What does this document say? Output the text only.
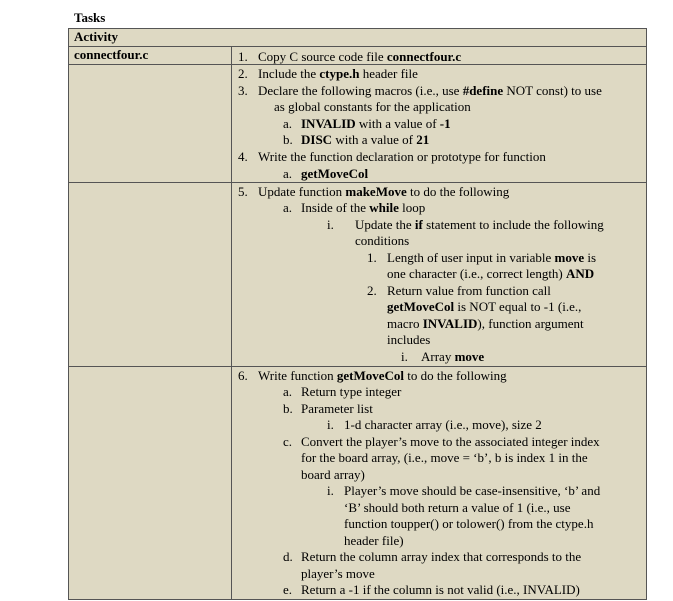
Tasks
Activity
connectfour.c	1. Copy C source code file connectfour.c
2. Include the ctype.h header file
3. Declare the following macros (i.e., use #define NOT const) to use
as global constants for the application
a. INVALID with a value of -1
b. DISC with a value of 21
4. Write the function declaration or prototype for function
a. getMoveCol
5. Update function makeMove to do the following
a. Inside of the while loop
i. Update the if statement to include the following
conditions
1. Length of user input in variable move is
one character (i.e., correct length) AND
2. Return value from function call
getMoveCol is NOT equal to -1 (i.e.,
macro INVALID), function argument
includes
i. Array move
6. Write function getMoveCol to do the following
a. Return type integer
b. Parameter list
i. 1-d character array (i.e., move), size 2
c. Convert the player’s move to the associated integer index
for the board array, (i.e., move = ‘b’, b is index 1 in the
board array)
i. Player’s move should be case-insensitive, ‘b’ and
‘B’ should both return a value of 1 (i.e., use
function toupper() or tolower() from the ctype.h
header file)
d. Return the column array index that corresponds to the
player’s move
e. Return a -1 if the column is not valid (i.e., INVALID)
